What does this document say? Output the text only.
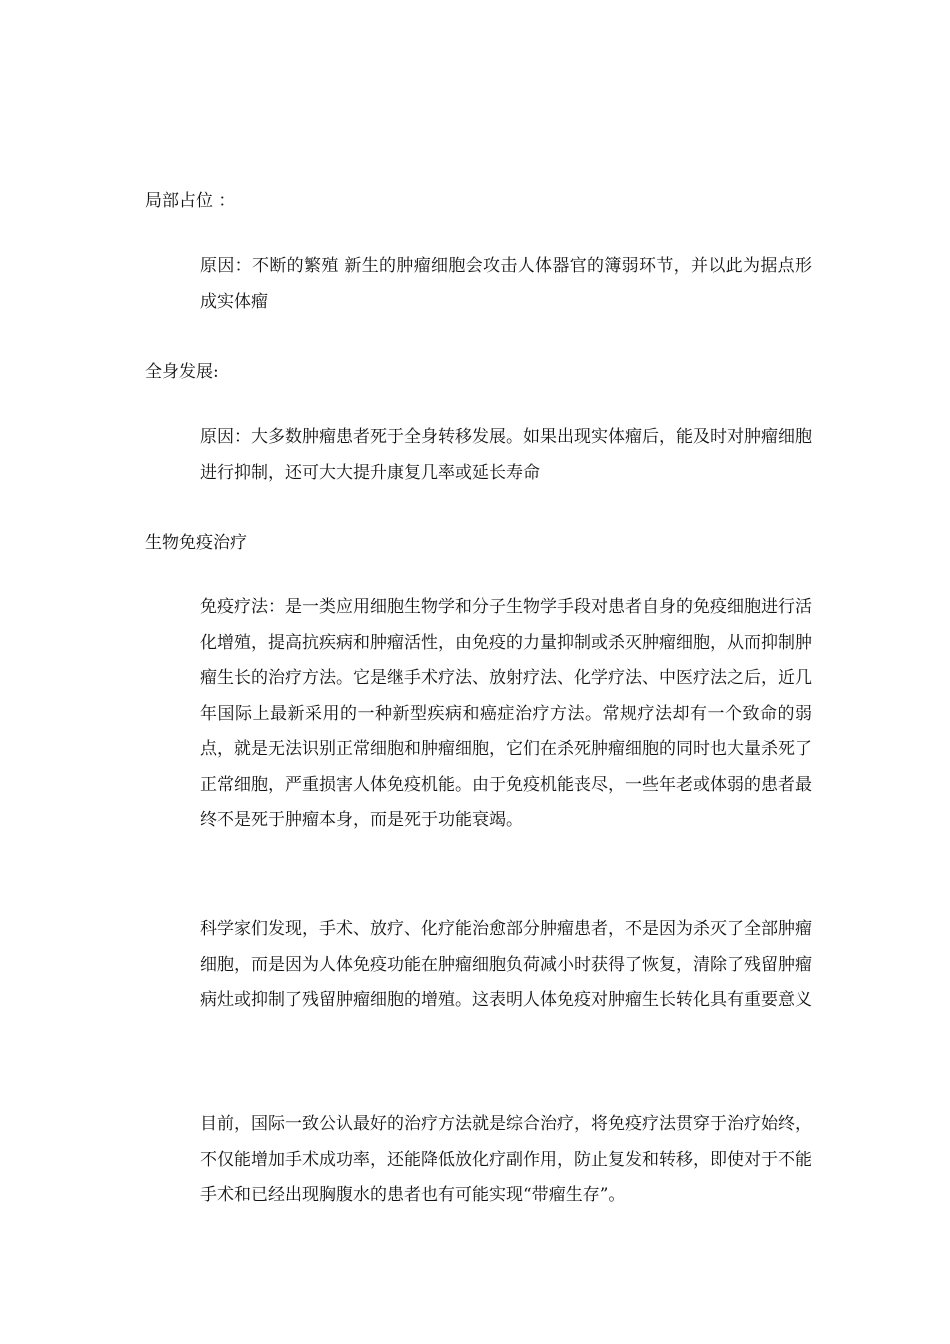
局部占位 ：

原因：不断的繁殖 新生的肿瘤细胞会攻击人体器官的簿弱环节，并以此为据点形成实体瘤

全身发展:

原因：大多数肿瘤患者死于全身转移发展。如果出现实体瘤后，能及时对肿瘤细胞进行抑制，还可大大提升康复几率或延长寿命

生物免疫治疗

免疫疗法：是一类应用细胞生物学和分子生物学手段对患者自身的免疫细胞进行活化增殖，提高抗疾病和肿瘤活性，由免疫的力量抑制或杀灭肿瘤细胞，从而抑制肿瘤生长的治疗方法。它是继手术疗法、放射疗法、化学疗法、中医疗法之后，近几年国际上最新采用的一种新型疾病和癌症治疗方法。常规疗法却有一个致命的弱点，就是无法识别正常细胞和肿瘤细胞，它们在杀死肿瘤细胞的同时也大量杀死了正常细胞，严重损害人体免疫机能。由于免疫机能丧尽，一些年老或体弱的患者最终不是死于肿瘤本身，而是死于功能衰竭。

科学家们发现，手术、放疗、化疗能治愈部分肿瘤患者，不是因为杀灭了全部肿瘤细胞，而是因为人体免疫功能在肿瘤细胞负荷减小时获得了恢复，清除了残留肿瘤病灶或抑制了残留肿瘤细胞的增殖。这表明人体免疫对肿瘤生长转化具有重要意义

目前，国际一致公认最好的治疗方法就是综合治疗，将免疫疗法贯穿于治疗始终，不仅能增加手术成功率，还能降低放化疗副作用，防止复发和转移，即使对于不能手术和已经出现胸腹水的患者也有可能实现“带瘤生存”。
